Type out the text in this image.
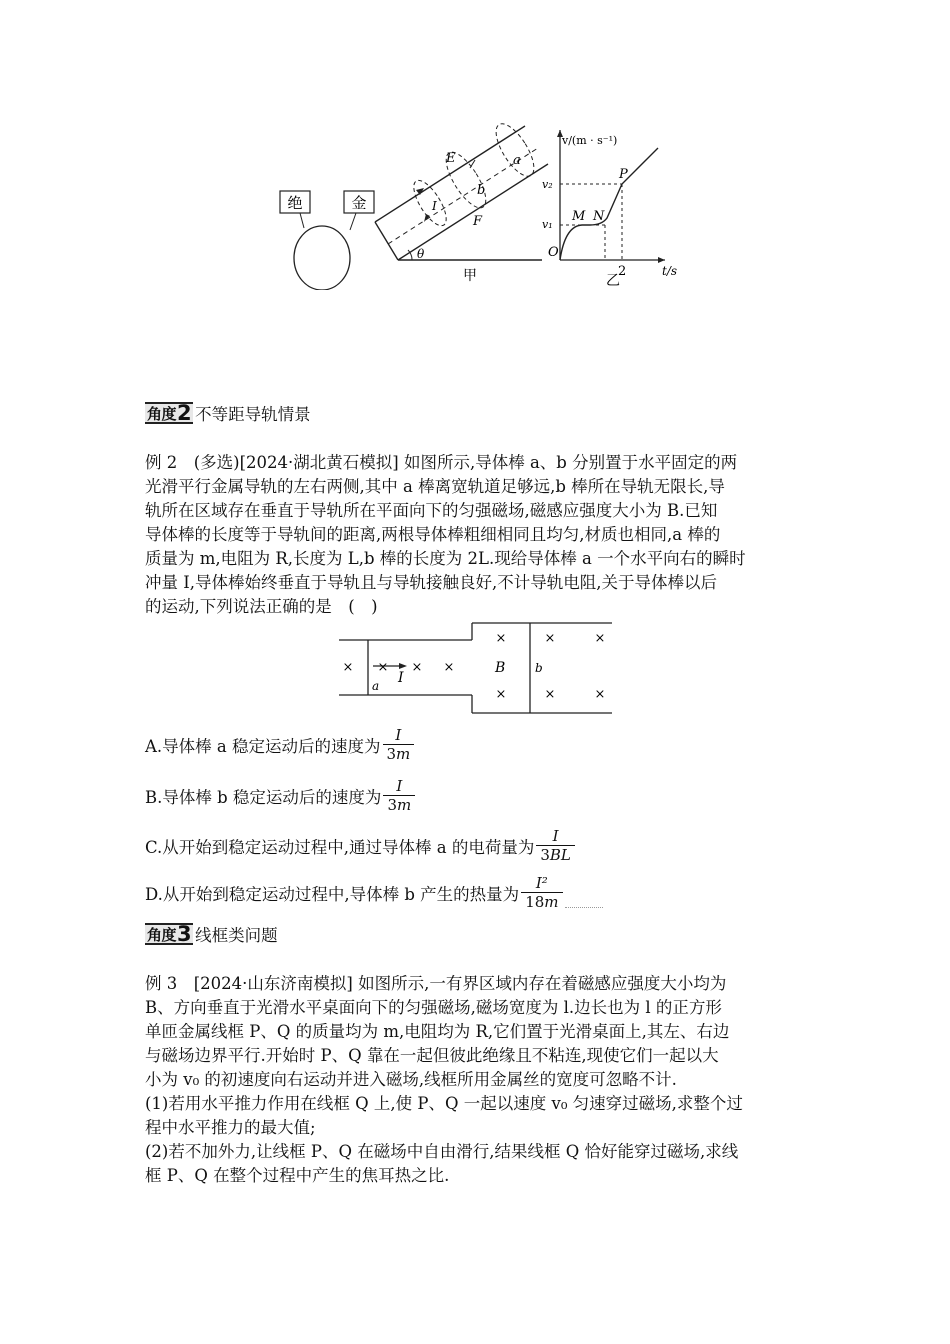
绝	金
E
F
b
a
I
θ
甲
v/(m · s⁻¹)
t/s
O
v₁
v₂
M N
P
2
乙
角度 2 不等距导轨情景
例 2　(多选)[2024·湖北黄石模拟] 如图所示,导体棒 a、b 分别置于水平固定的两
光滑平行金属导轨的左右两侧,其中 a 棒离宽轨道足够远,b 棒所在导轨无限长,导
轨所在区域存在垂直于导轨所在平面向下的匀强磁场,磁感应强度大小为 B.已知
导体棒的长度等于导轨间的距离,两根导体棒粗细相同且均匀,材质也相同,a 棒的
质量为 m,电阻为 R,长度为 L,b 棒的长度为 2L.现给导体棒 a 一个水平向右的瞬时
冲量 I,导体棒始终垂直于导轨且与导轨接触良好,不计导轨电阻,关于导体棒以后
的运动,下列说法正确的是　(　)
× × × ×
×
×
×	×
×	×
a
b
I
B
A.导体棒 a 稳定运动后的速度为 $\frac{I}{3m}$
B.导体棒 b 稳定运动后的速度为 $\frac{I}{3m}$
C.从开始到稳定运动过程中,通过导体棒 a 的电荷量为 $\frac{I}{3BL}$
D.从开始到稳定运动过程中,导体棒 b 产生的热量为 $\frac{\text{I²}}{18m}$
角度 3 线框类问题
例 3　[2024·山东济南模拟] 如图所示,一有界区域内存在着磁感应强度大小均为
B、方向垂直于光滑水平桌面向下的匀强磁场,磁场宽度为 l.边长也为 l 的正方形
单匝金属线框 P、Q 的质量均为 m,电阻均为 R,它们置于光滑桌面上,其左、右边
与磁场边界平行.开始时 P、Q 靠在一起但彼此绝缘且不粘连,现使它们一起以大
小为 v₀ 的初速度向右运动并进入磁场,线框所用金属丝的宽度可忽略不计.
(1)若用水平推力作用在线框 Q 上,使 P、Q 一起以速度 v₀ 匀速穿过磁场,求整个过
程中水平推力的最大值;
(2)若不加外力,让线框 P、Q 在磁场中自由滑行,结果线框 Q 恰好能穿过磁场,求线
框 P、Q 在整个过程中产生的焦耳热之比.
